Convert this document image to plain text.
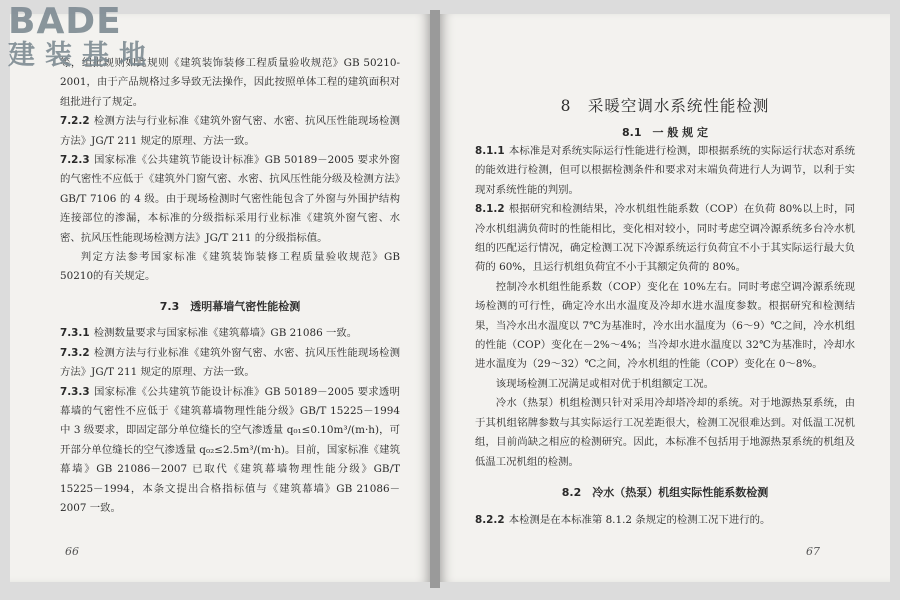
等，组批规则如此规则《建筑装饰装修工程质量验收规范》GB 50210-2001，由于产品规格过多导致无法操作，因此按照单体工程的建筑面积对组批进行了规定。

7.2.2 检测方法与行业标准《建筑外窗气密、水密、抗风压性能现场检测方法》JG/T 211 规定的原理、方法一致。

7.2.3 国家标准《公共建筑节能设计标准》GB 50189－2005 要求外窗的气密性不应低于《建筑外门窗气密、水密、抗风压性能分级及检测方法》GB/T 7106 的 4 级。由于现场检测时气密性能包含了外窗与外围护结构连接部位的渗漏，本标准的分级指标采用行业标准《建筑外窗气密、水密、抗风压性能现场检测方法》JG/T 211 的分级指标值。

判定方法参考国家标准《建筑装饰装修工程质量验收规范》GB 50210的有关规定。

7.3　透明幕墙气密性能检测

7.3.1 检测数量要求与国家标准《建筑幕墙》GB 21086 一致。

7.3.2 检测方法与行业标准《建筑外窗气密、水密、抗风压性能现场检测方法》JG/T 211 规定的原理、方法一致。

7.3.3 国家标准《公共建筑节能设计标准》GB 50189－2005 要求透明幕墙的气密性不应低于《建筑幕墙物理性能分级》GB/T 15225－1994 中 3 级要求，即固定部分单位缝长的空气渗透量 q₀₁≤0.10m³/(m·h)，可开部分单位缝长的空气渗透量 q₀₂≤2.5m³/(m·h)。目前，国家标准《建筑幕墙》GB 21086－2007 已取代《建筑幕墙物理性能分级》GB/T 15225－1994，本条文提出合格指标值与《建筑幕墙》GB 21086－2007 一致。

66
8　采暖空调水系统性能检测
8.1　一 般 规 定

8.1.1 本标准是对系统实际运行性能进行检测，即根据系统的实际运行状态对系统的能效进行检测，但可以根据检测条件和要求对末端负荷进行人为调节，以利于实现对系统性能的判别。

8.1.2 根据研究和检测结果，冷水机组性能系数（COP）在负荷 80%以上时，同冷水机组满负荷时的性能相比，变化相对较小，同时考虑空调冷源系统多台冷水机组的匹配运行情况，确定检测工况下冷源系统运行负荷宜不小于其实际运行最大负荷的 60%，且运行机组负荷宜不小于其额定负荷的 80%。

控制冷水机组性能系数（COP）变化在 10%左右。同时考虑空调冷源系统现场检测的可行性，确定冷水出水温度及冷却水进水温度参数。根据研究和检测结果，当冷水出水温度以 7℃为基准时，冷水出水温度为（6～9）℃之间，冷水机组的性能（COP）变化在－2%～4%；当冷却水进水温度以 32℃为基准时，冷却水进水温度为（29～32）℃之间，冷水机组的性能（COP）变化在 0～8%。

该现场检测工况满足或相对优于机组额定工况。

冷水（热泵）机组检测只针对采用冷却塔冷却的系统。对于地源热泵系统，由于其机组铭牌参数与其实际运行工况差距很大，检测工况很难达到。对低温工况机组，目前尚缺之相应的检测研究。因此，本标准不包括用于地源热泵系统的机组及低温工况机组的检测。

8.2　冷水（热泵）机组实际性能系数检测

8.2.2 本检测是在本标准第 8.1.2 条规定的检测工况下进行的。

67
BADE
建装基地
